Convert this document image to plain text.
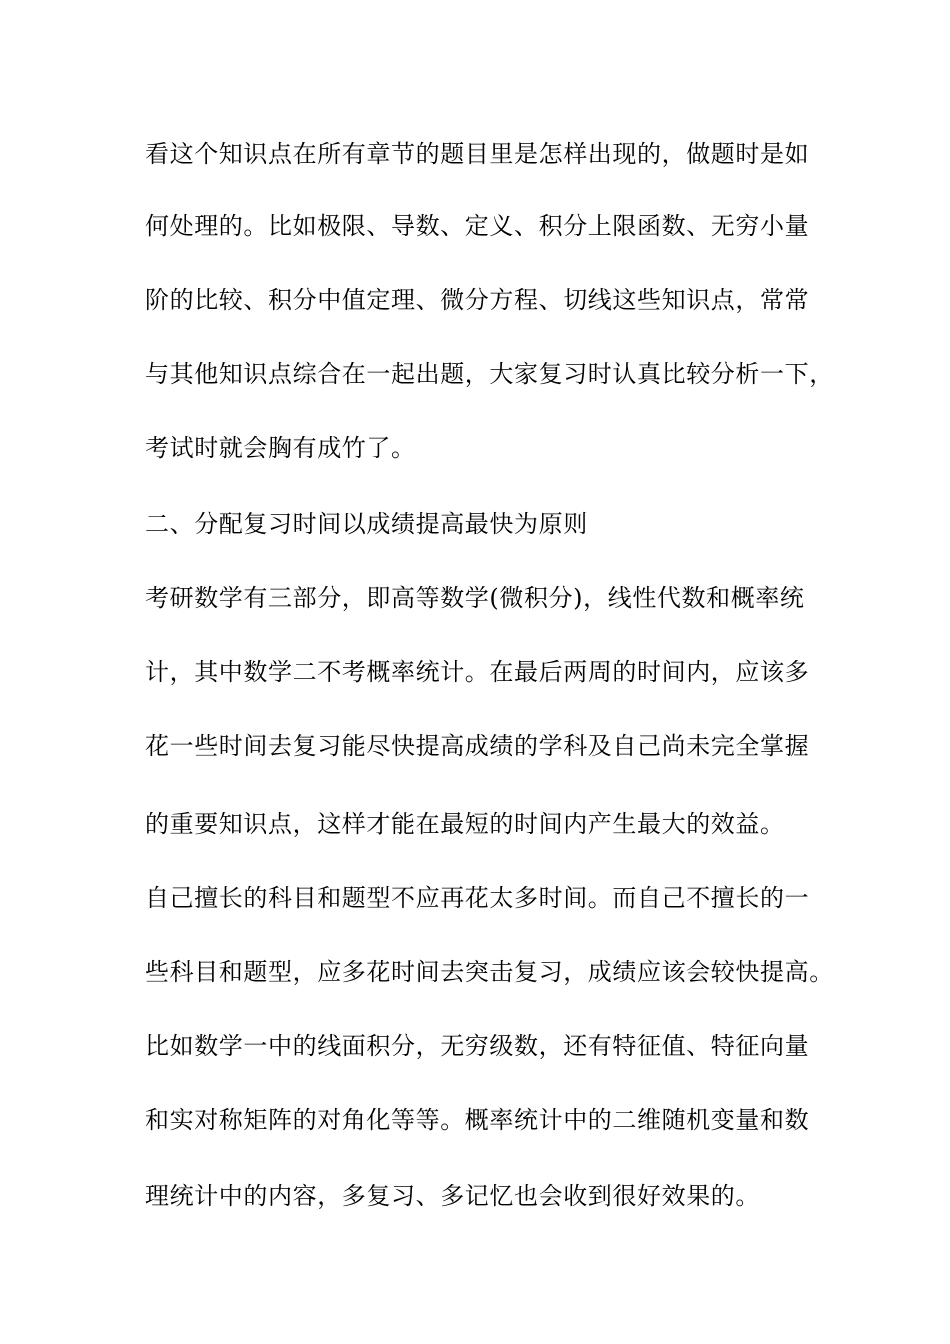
看这个知识点在所有章节的题目里是怎样出现的，做题时是如
何处理的。比如极限、导数、定义、积分上限函数、无穷小量
阶的比较、积分中值定理、微分方程、切线这些知识点，常常
与其他知识点综合在一起出题，大家复习时认真比较分析一下，
考试时就会胸有成竹了。
二、分配复习时间以成绩提高最快为原则
考研数学有三部分，即高等数学(微积分)，线性代数和概率统
计，其中数学二不考概率统计。在最后两周的时间内，应该多
花一些时间去复习能尽快提高成绩的学科及自己尚未完全掌握
的重要知识点，这样才能在最短的时间内产生最大的效益。
自己擅长的科目和题型不应再花太多时间。而自己不擅长的一
些科目和题型，应多花时间去突击复习，成绩应该会较快提高。
比如数学一中的线面积分，无穷级数，还有特征值、特征向量
和实对称矩阵的对角化等等。概率统计中的二维随机变量和数
理统计中的内容，多复习、多记忆也会收到很好效果的。
